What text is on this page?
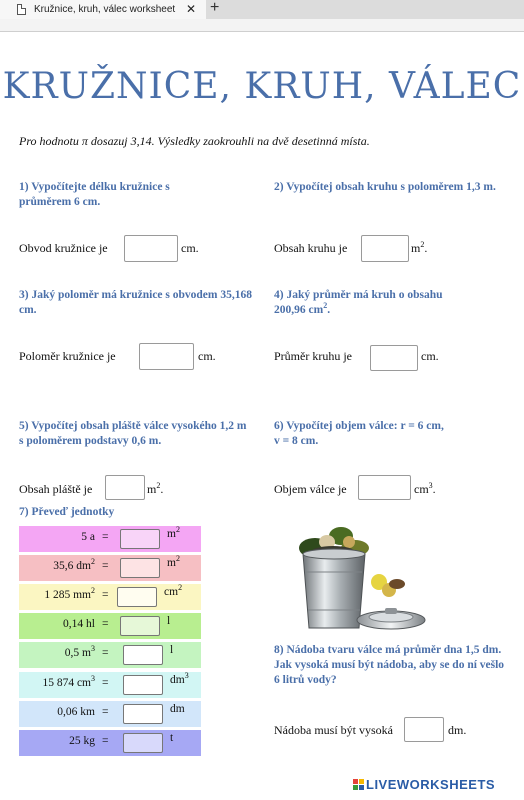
Kružnice, kruh, válec worksheet ✕ +
KRUŽNICE, KRUH, VÁLEC
Pro hodnotu π dosazuj 3,14. Výsledky zaokrouhli na dvě desetinná místa.
1) Vypočítejte délku kružnice s průměrem 6 cm.
Obvod kružnice je	cm.
2) Vypočítej obsah kruhu s poloměrem 1,3 m.
Obsah kruhu je	$m^2$.
3) Jaký poloměr má kružnice s obvodem 35,168 cm.
Poloměr kružnice je	cm.
4) Jaký průměr má kruh o obsahu
200,96 $cm^2$.
Průměr kruhu je	cm.
5) Vypočítej obsah pláště válce vysokého 1,2 m s poloměrem podstavy 0,6 m.
Obsah pláště je	$m^2$.
6) Vypočítej objem válce: r = 6 cm,
v = 8 cm.
Objem válce je	$cm^3$.
7) Převeď jednotky
5 a =	$m^2$
35,6 $dm^2$ =	$m^2$
1 285 $mm^2$ =	$cm^2$
0,14 hl =	l
0,5 $m^3$ =	l
15 874 $cm^3$ =	$dm^3$
0,06 km =	dm
25 kg =	t
8) Nádoba tvaru válce má průměr dna 1,5 dm. Jak vysoká musí být nádoba, aby se do ní vešlo 6 litrů vody?
Nádoba musí být vysoká	dm.
LIVEWORKSHEETS
